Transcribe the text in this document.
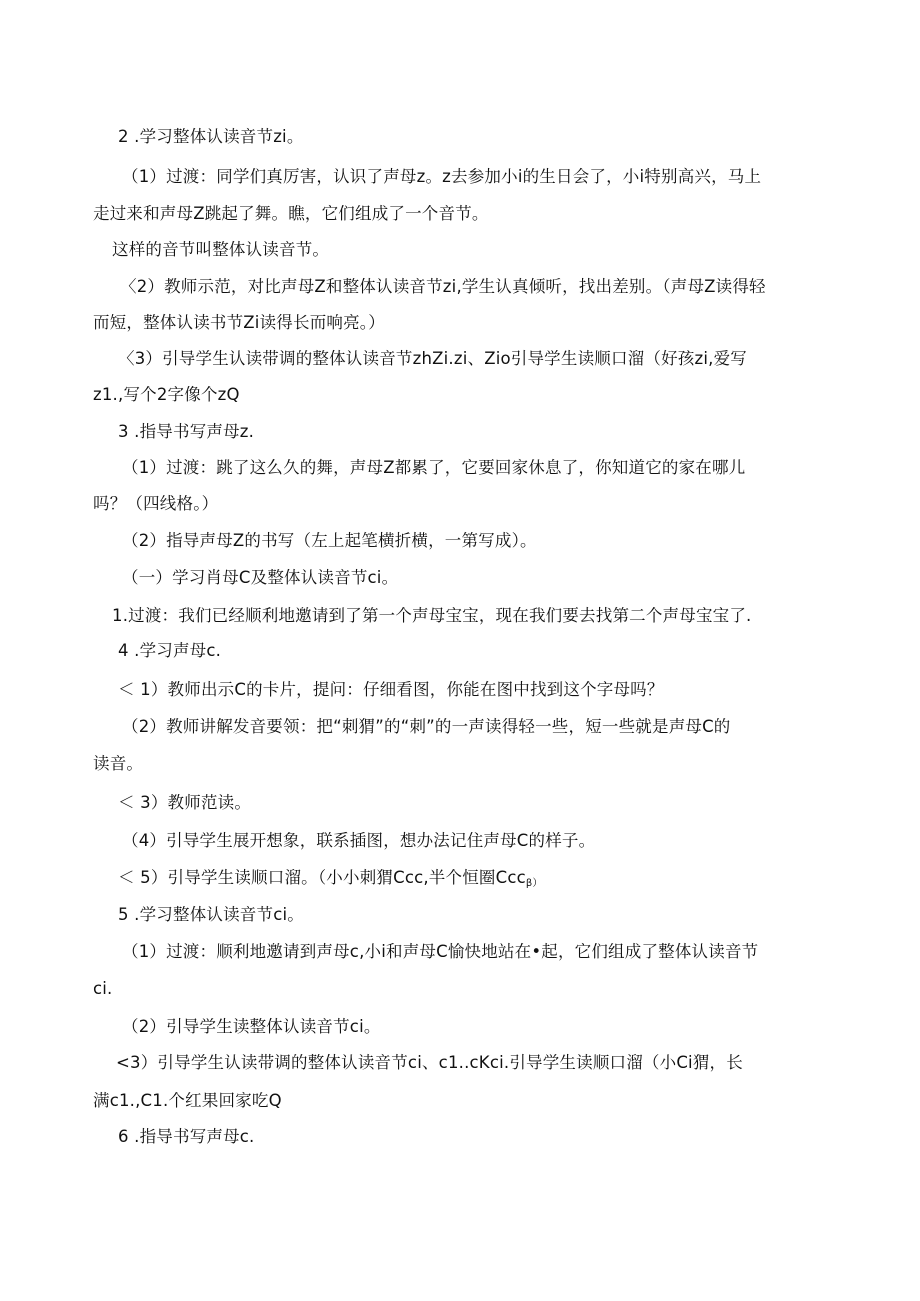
2 .学习整体认读音节zi。
（1）过渡：同学们真厉害，认识了声母z。z去参加小i的生日会了，小i特别高兴，马上
走过来和声母Z跳起了舞。瞧，它们组成了一个音节。
这样的音节叫整体认读音节。
〈2）教师示范，对比声母Z和整体认读音节zi,学生认真倾听，找出差别。（声母Z读得轻
而短，整体认读书节Zi读得长而响亮。）
〈3）引导学生认读带调的整体认读音节zhZi.zi、Zio引导学生读顺口溜（好孩zi,爱写
z1.,写个2字像个zQ
3 .指导书写声母z.
（1）过渡：跳了这么久的舞，声母Z都累了，它要回家休息了，你知道它的家在哪儿
吗？（四线格。）
（2）指导声母Z的书写（左上起笔横折横，一第写成）。
（一）学习肖母C及整体认读音节ci。
1.过渡：我们已经顺利地邀请到了第一个声母宝宝，现在我们要去找第二个声母宝宝了.
4 .学习声母c.
＜ 1）教师出示C的卡片，提问：仔细看图，你能在图中找到这个字母吗？
（2）教师讲解发音要领：把“刺猬”的“刺”的一声读得轻一些，短一些就是声母C的
读音。
＜ 3）教师范读。
（4）引导学生展开想象，联系插图，想办法记住声母C的样子。
＜ 5）引导学生读顺口溜。（小小刺猬Ccc,半个恒圈Ccc$_{\beta)}$
5 .学习整体认读音节ci。
（1）过渡：顺利地邀请到声母c,小i和声母C愉快地站在•起，它们组成了整体认读音节
ci.
（2）引导学生读整体认读音节ci。
<3）引导学生认读带调的整体认读音节ci、c1..cKci.引导学生读顺口溜（小Ci猬，长
满c1.,C1.个红果回家吃Q
6 .指导书写声母c.
